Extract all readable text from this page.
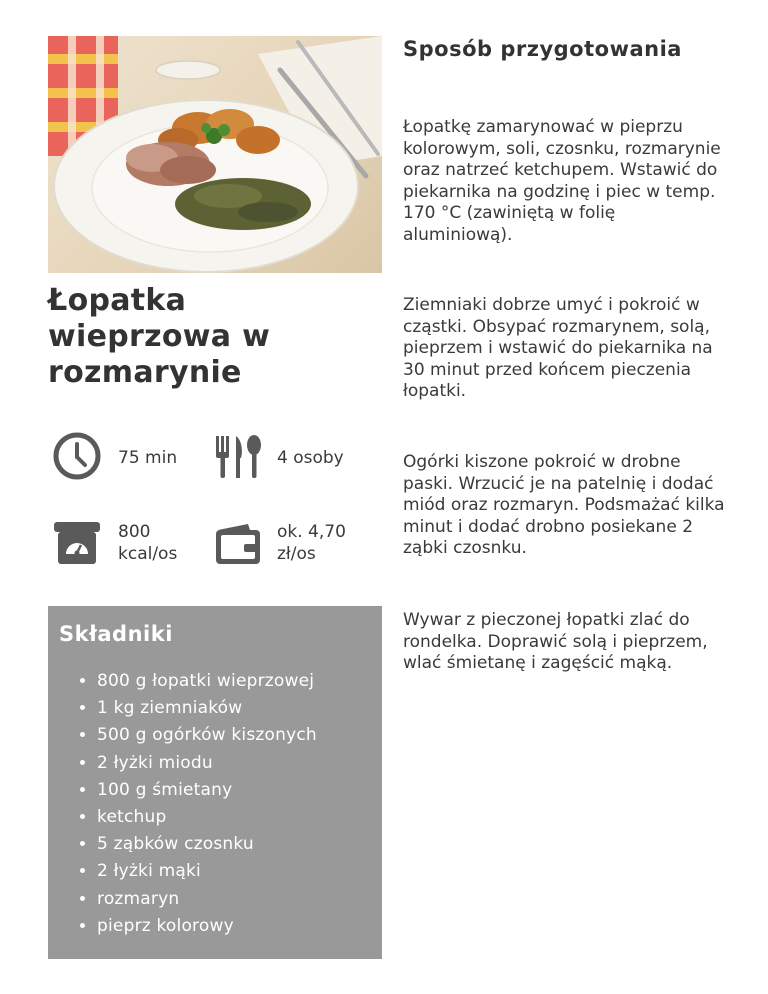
Łopatka wieprzowa w rozmarynie
75 min	4 osoby
800 kcal/os
ok. 4,70 zł/os
Składniki
• 800 g łopatki wieprzowej
• 1 kg ziemniaków
• 500 g ogórków kiszonych
• 2 łyżki miodu
• 100 g śmietany
• ketchup
• 5 ząbków czosnku
• 2 łyżki mąki
• rozmaryn
• pieprz kolorowy
Sposób przygotowania

Łopatkę zamarynować w pieprzu kolorowym, soli, czosnku, rozmarynie oraz natrzeć ketchupem. Wstawić do piekarnika na godzinę i piec w temp. 170 °C (zawiniętą w folię aluminiową).

Ziemniaki dobrze umyć i pokroić w cząstki. Obsypać rozmarynem, solą, pieprzem i wstawić do piekarnika na 30 minut przed końcem pieczenia łopatki.

Ogórki kiszone pokroić w drobne paski. Wrzucić je na patelnię i dodać miód oraz rozmaryn. Podsmażać kilka minut i dodać drobno posiekane 2 ząbki czosnku.

Wywar z pieczonej łopatki zlać do rondelka. Doprawić solą i pieprzem, wlać śmietanę i zagęścić mąką.
